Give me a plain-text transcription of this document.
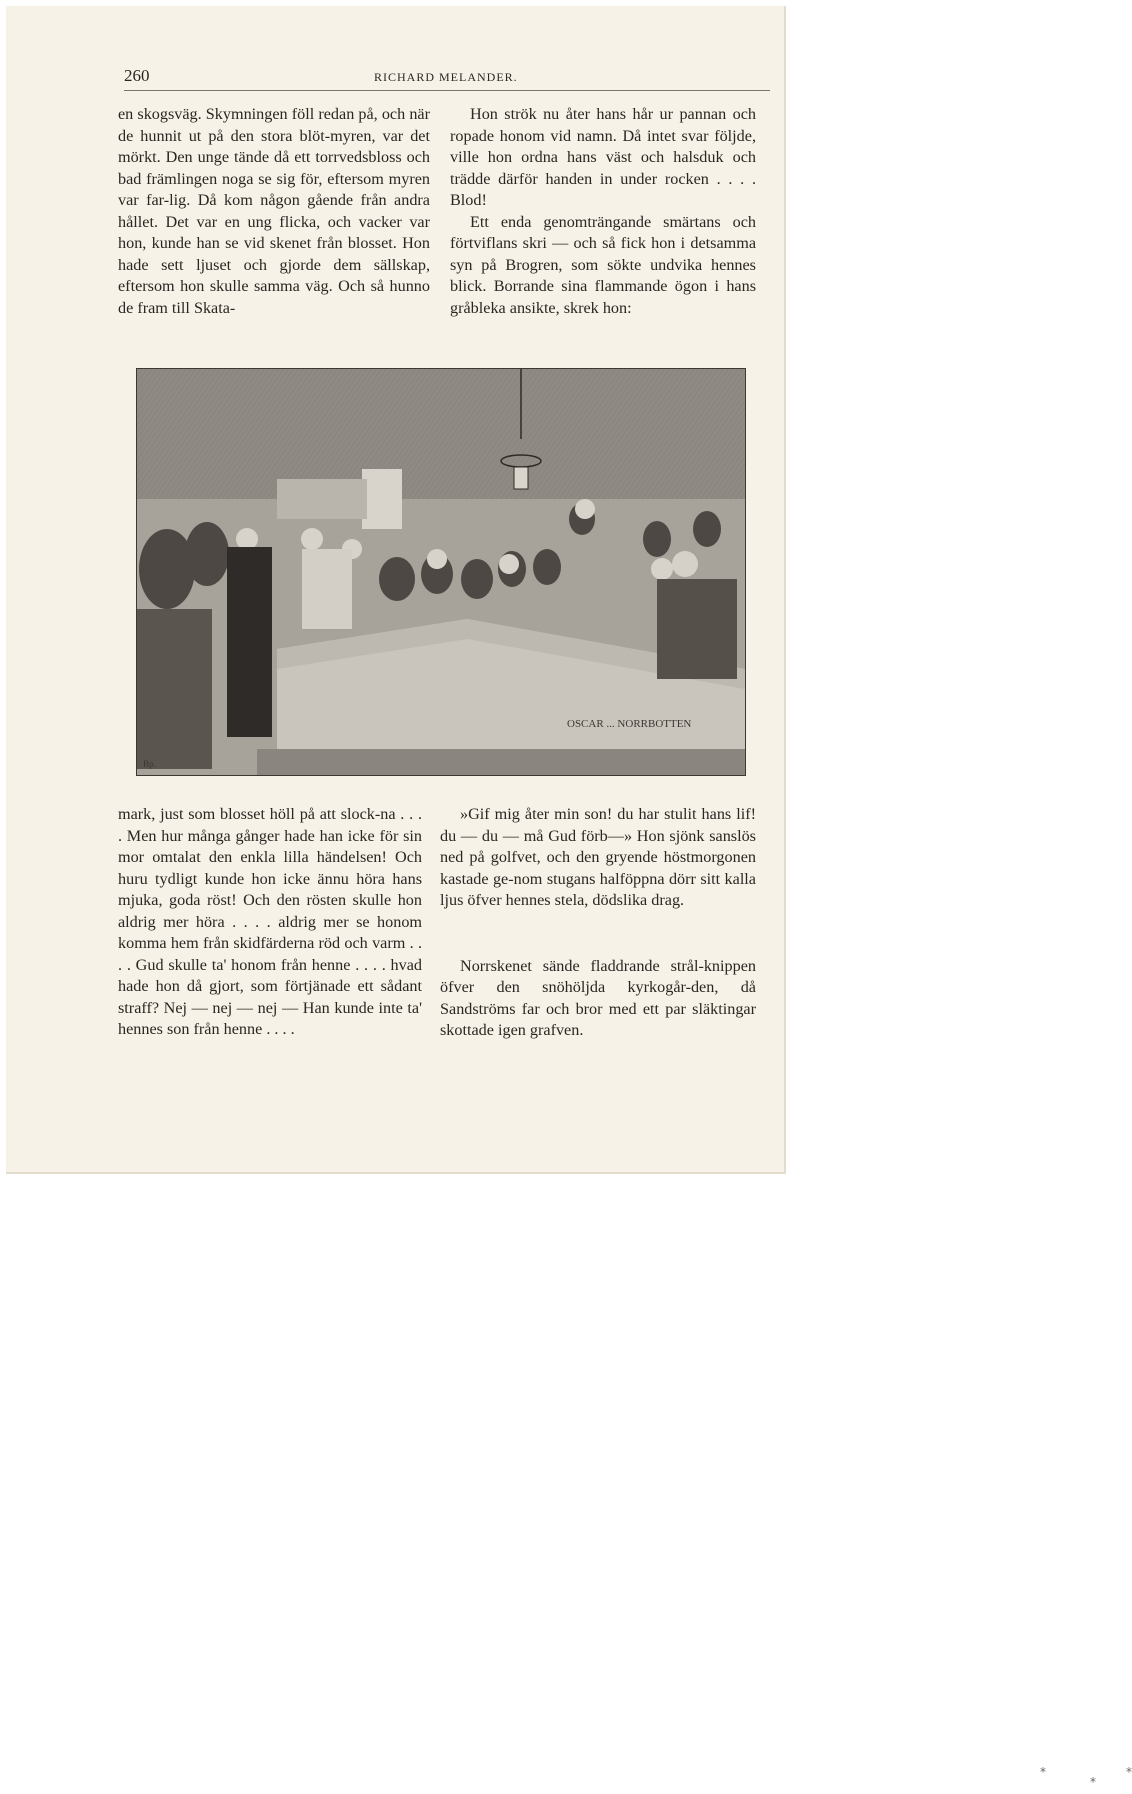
260	RICHARD MELANDER.

en skogsväg. Skymningen föll redan på, och när de hunnit ut på den stora blöt-myren, var det mörkt. Den unge tände då ett torrvedsbloss och bad främlingen noga se sig för, eftersom myren var far-lig. Då kom någon gående från andra hållet. Det var en ung flicka, och vacker var hon, kunde han se vid skenet från blosset. Hon hade sett ljuset och gjorde dem sällskap, eftersom hon skulle samma väg. Och så hunno de fram till Skata-

Hon strök nu åter hans hår ur pannan och ropade honom vid namn. Då intet svar följde, ville hon ordna hans väst och halsduk och trädde därför handen in under rocken . . . . Blod!

Ett enda genomträngande smärtans och förtviflans skri — och så fick hon i detsamma syn på Brogren, som sökte undvika hennes blick. Borrande sina flammande ögon i hans gråbleka ansikte, skrek hon:

OSCAR ... NORRBOTTEN
Bp.

mark, just som blosset höll på att slock-na . . . . Men hur många gånger hade han icke för sin mor omtalat den enkla lilla händelsen! Och huru tydligt kunde hon icke ännu höra hans mjuka, goda röst! Och den rösten skulle hon aldrig mer höra . . . . aldrig mer se honom komma hem från skidfärderna röd och varm . . . . Gud skulle ta' honom från henne . . . . hvad hade hon då gjort, som förtjänade ett sådant straff? Nej — nej — nej — Han kunde inte ta' hennes son från henne . . . .

»Gif mig åter min son! du har stulit hans lif! du — du — må Gud förb—» Hon sjönk sanslös ned på golfvet, och den gryende höstmorgonen kastade ge-nom stugans halföppna dörr sitt kalla ljus öfver hennes stela, dödslika drag.

*
*
*

Norrskenet sände fladdrande strål-knippen öfver den snöhöljda kyrkogår-den, då Sandströms far och bror med ett par släktingar skottade igen grafven.
